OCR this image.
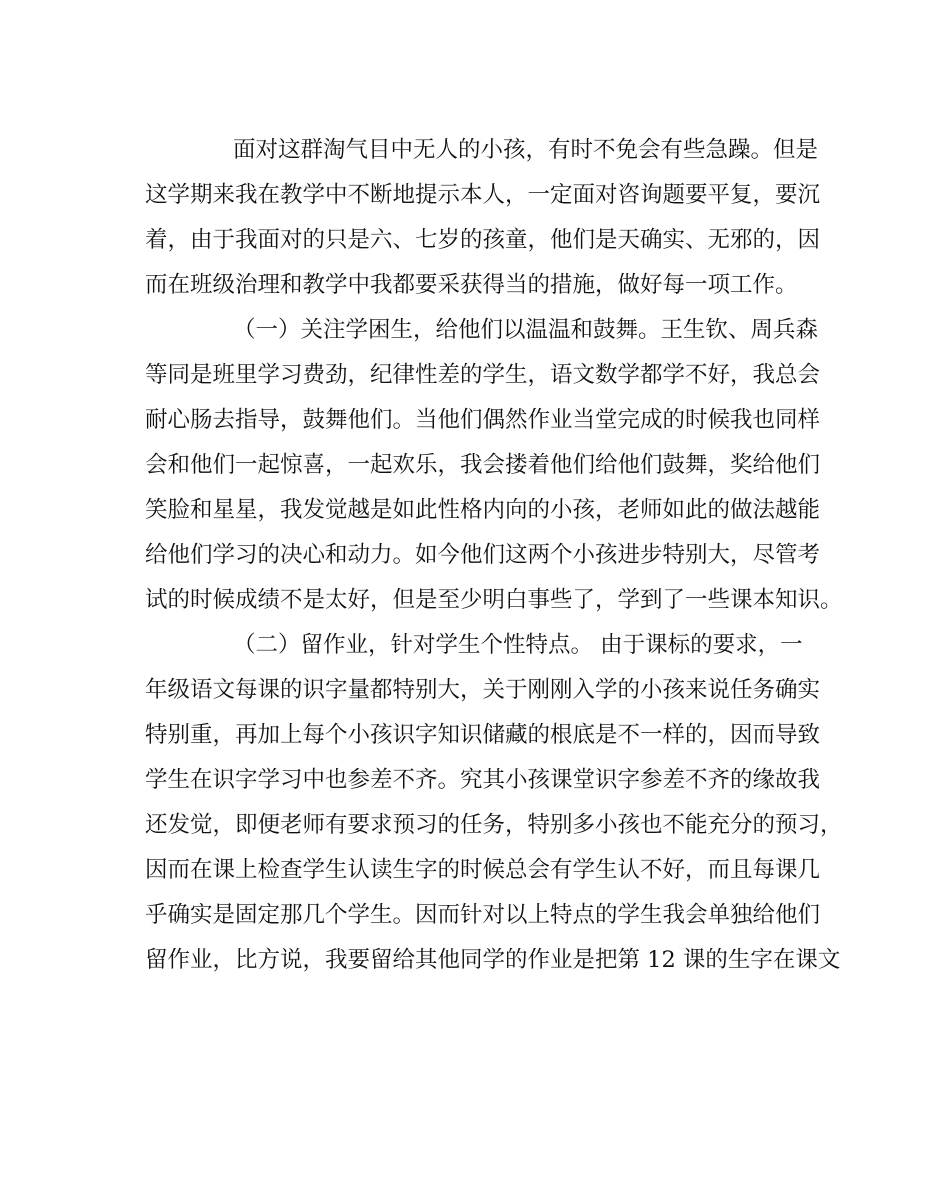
面对这群淘气目中无人的小孩，有时不免会有些急躁。但是
这学期来我在教学中不断地提示本人，一定面对咨询题要平复，要沉
着，由于我面对的只是六、七岁的孩童，他们是天确实、无邪的，因
而在班级治理和教学中我都要采获得当的措施，做好每一项工作。
（一）关注学困生，给他们以温温和鼓舞。王生钦、周兵森
等同是班里学习费劲，纪律性差的学生，语文数学都学不好，我总会
耐心肠去指导，鼓舞他们。当他们偶然作业当堂完成的时候我也同样
会和他们一起惊喜，一起欢乐，我会搂着他们给他们鼓舞，奖给他们
笑脸和星星，我发觉越是如此性格内向的小孩，老师如此的做法越能
给他们学习的决心和动力。如今他们这两个小孩进步特别大，尽管考
试的时候成绩不是太好，但是至少明白事些了，学到了一些课本知识。
（二）留作业，针对学生个性特点。 由于课标的要求，一
年级语文每课的识字量都特别大，关于刚刚入学的小孩来说任务确实
特别重，再加上每个小孩识字知识储藏的根底是不一样的，因而导致
学生在识字学习中也参差不齐。究其小孩课堂识字参差不齐的缘故我
还发觉，即便老师有要求预习的任务，特别多小孩也不能充分的预习，
因而在课上检查学生认读生字的时候总会有学生认不好，而且每课几
乎确实是固定那几个学生。因而针对以上特点的学生我会单独给他们
留作业，比方说，我要留给其他同学的作业是把第 12 课的生字在课文
